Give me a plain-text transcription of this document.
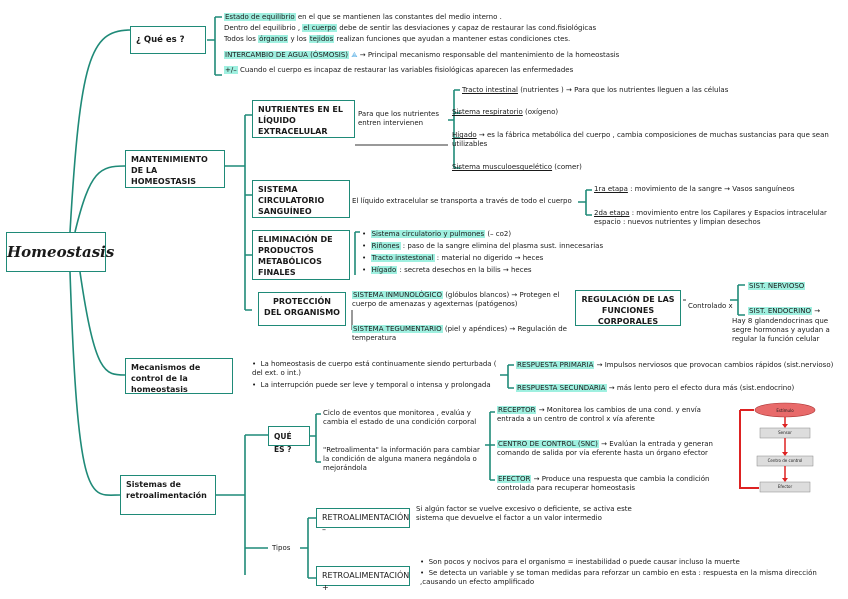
Homeostasis
¿ Qué es ?
Estado de equilibrio en el que se mantienen las constantes del medio interno .
Dentro del equilibrio , el cuerpo debe de sentir las desviaciones y capaz de restaurar las cond.fisiológicas
Todos los órganos y los tejidos realizan funciones que ayudan a mantener estas condiciones ctes.
INTERCAMBIO DE AGUA (ÓSMOSIS) ⟁ → Principal mecanismo responsable del mantenimiento de la homeostasis
+/– Cuando el cuerpo es incapaz de restaurar las variables fisiológicas aparecen las enfermedades
MANTENIMIENTO DE LA HOMEOSTASIS
NUTRIENTES EN EL LÍQUIDO EXTRACELULAR
Para que los nutrientes entren intervienen
Tracto intestinal (nutrientes ) → Para que los nutrientes lleguen a las células
Sistema respiratorio (oxígeno)
Hígado → es la fábrica metabólica del cuerpo , cambia composiciones de muchas sustancias para que sean utilizables
Sistema musculoesquelético (comer)
SISTEMA CIRCULATORIO SANGUÍNEO
El líquido extracelular se transporta a través de todo el cuerpo
1ra etapa : movimiento de la sangre → Vasos sanguíneos
2da etapa : movimiento entre los Capilares y Espacios intracelular
espacio : nuevos nutrientes y limpian desechos
ELIMINACIÓN DE PRODUCTOS METABÓLICOS FINALES
•  Sistema circulatorio y pulmones (– co2)
•  Riñones : paso de la sangre elimina del plasma sust. innecesarias
•  Tracto instestonal : material no digerido → heces
•  Hígado : secreta desechos en la bilis → heces
PROTECCIÓN DEL ORGANISMO
SISTEMA INMUNOLÓGICO (glóbulos blancos) → Protegen el cuerpo de amenazas y agexternas (patógenos)
SISTEMA TEGUMENTARIO (piel y apéndices) → Regulación de temperatura
REGULACIÓN DE LAS FUNCIONES CORPORALES
Controlado x
SIST. NERVIOSO
SIST. ENDOCRINO →
Hay 8 glandendocrinas que segre hormonas y ayudan a regular la función celular
Mecanismos de control de la homeostasis
•  La homeostasis de cuerpo está continuamente siendo perturbada ( del ext. o int.)
•  La interrupción puede ser leve y temporal o intensa y prolongada
RESPUESTA PRIMARIA → Impulsos nerviosos que provocan cambios rápidos (sist.nervioso)
RESPUESTA SECUNDARIA → más lento pero el efecto dura más (sist.endocrino)
Sistemas de retroalimentación
QUÉ ES ?
Ciclo de eventos que monitorea , evalúa y cambia el estado de una condición corporal
"Retroalimenta" la información para cambiar la condición de alguna manera negándola o mejorándola
RECEPTOR → Monitorea los cambios de una cond. y envía entrada a un centro de control x vía aferente
CENTRO DE CONTROL (SNC) → Evalúan la entrada y generan comando de salida por vía eferente hasta un órgano efector
EFECTOR → Produce una respuesta que cambia la condición controlada para recuperar homeostasis
Tipos
RETROALIMENTACIÓN –
Si algún factor se vuelve excesivo o deficiente, se activa este sistema que devuelve el factor a un valor intermedio
RETROALIMENTACIÓN +
•  Son pocos y nocivos para el organismo = inestabilidad o puede causar incluso la muerte
•  Se detecta un variable y se toman medidas para reforzar un cambio en esta : respuesta en la misma dirección ,causando un efecto amplificado
Estímulo
Sensor
Centro de control
Efector
